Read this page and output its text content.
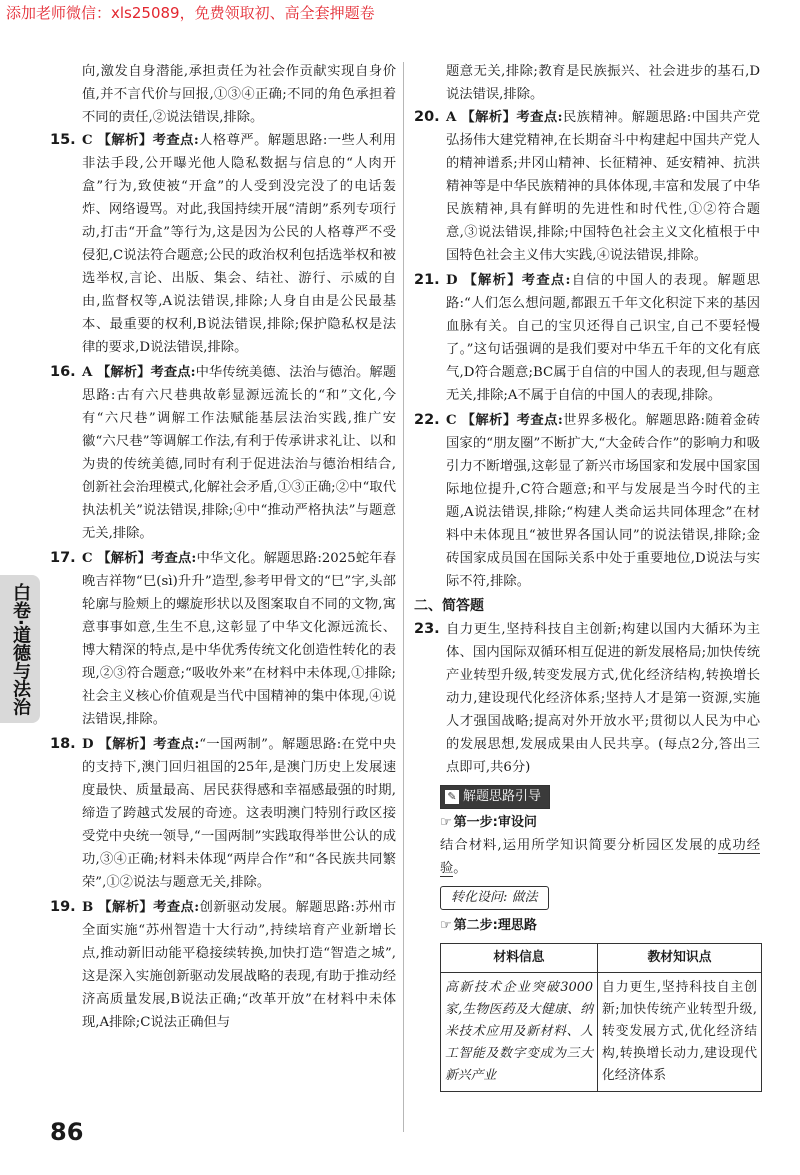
添加老师微信：xls25089，免费领取初、高全套押题卷
白卷·道德与法治
向,激发自身潜能,承担责任为社会作贡献实现自身价值,并不言代价与回报,①③④正确;不同的角色承担着不同的责任,②说法错误,排除。
15. C 【解析】考查点:人格尊严。解题思路:一些人利用非法手段,公开曝光他人隐私数据与信息的“人肉开盒”行为,致使被“开盒”的人受到没完没了的电话轰炸、网络谩骂。对此,我国持续开展“清朗”系列专项行动,打击“开盒”等行为,这是因为公民的人格尊严不受侵犯,C说法符合题意;公民的政治权利包括选举权和被选举权,言论、出版、集会、结社、游行、示威的自由,监督权等,A说法错误,排除;人身自由是公民最基本、最重要的权利,B说法错误,排除;保护隐私权是法律的要求,D说法错误,排除。
16. A 【解析】考查点:中华传统美德、法治与德治。解题思路:古有六尺巷典故彰显源远流长的“和”文化,今有“六尺巷”调解工作法赋能基层法治实践,推广安徽“六尺巷”等调解工作法,有利于传承讲求礼让、以和为贵的传统美德,同时有利于促进法治与德治相结合,创新社会治理模式,化解社会矛盾,①③正确;②中“取代执法机关”说法错误,排除;④中“推动严格执法”与题意无关,排除。
17. C 【解析】考查点:中华文化。解题思路:2025蛇年春晚吉祥物“巳(sì)升升”造型,参考甲骨文的“巳”字,头部轮廓与脸颊上的螺旋形状以及图案取自不同的文物,寓意事事如意,生生不息,这彰显了中华文化源远流长、博大精深的特点,是中华优秀传统文化创造性转化的表现,②③符合题意;“吸收外来”在材料中未体现,①排除;社会主义核心价值观是当代中国精神的集中体现,④说法错误,排除。
18. D 【解析】考查点:“一国两制”。解题思路:在党中央的支持下,澳门回归祖国的25年,是澳门历史上发展速度最快、质量最高、居民获得感和幸福感最强的时期,缔造了跨越式发展的奇迹。这表明澳门特别行政区接受党中央统一领导,“一国两制”实践取得举世公认的成功,③④正确;材料未体现“两岸合作”和“各民族共同繁荣”,①②说法与题意无关,排除。
19. B 【解析】考查点:创新驱动发展。解题思路:苏州市全面实施“苏州智造十大行动”,持续培育产业新增长点,推动新旧动能平稳接续转换,加快打造“智造之城”,这是深入实施创新驱动发展战略的表现,有助于推动经济高质量发展,B说法正确;“改革开放”在材料中未体现,A排除;C说法正确但与
题意无关,排除;教育是民族振兴、社会进步的基石,D说法错误,排除。
20. A 【解析】考查点:民族精神。解题思路:中国共产党弘扬伟大建党精神,在长期奋斗中构建起中国共产党人的精神谱系;井冈山精神、长征精神、延安精神、抗洪精神等是中华民族精神的具体体现,丰富和发展了中华民族精神,具有鲜明的先进性和时代性,①②符合题意,③说法错误,排除;中国特色社会主义文化植根于中国特色社会主义伟大实践,④说法错误,排除。
21. D 【解析】考查点:自信的中国人的表现。解题思路:“人们怎么想问题,都跟五千年文化积淀下来的基因血脉有关。自己的宝贝还得自己识宝,自己不要轻慢了。”这句话强调的是我们要对中华五千年的文化有底气,D符合题意;BC属于自信的中国人的表现,但与题意无关,排除;A不属于自信的中国人的表现,排除。
22. C 【解析】考查点:世界多极化。解题思路:随着金砖国家的“朋友圈”不断扩大,“大金砖合作”的影响力和吸引力不断增强,这彰显了新兴市场国家和发展中国家国际地位提升,C符合题意;和平与发展是当今时代的主题,A说法错误,排除;“构建人类命运共同体理念”在材料中未体现且“被世界各国认同”的说法错误,排除;金砖国家成员国在国际关系中处于重要地位,D说法与实际不符,排除。
二、简答题
23. 自力更生,坚持科技自主创新;构建以国内大循环为主体、国内国际双循环相互促进的新发展格局;加快传统产业转型升级,转变发展方式,优化经济结构,转换增长动力,建设现代化经济体系;坚持人才是第一资源,实施人才强国战略;提高对外开放水平;贯彻以人民为中心的发展思想,发展成果由人民共享。(每点2分,答出三点即可,共6分)
✎ 解题思路引导
☞ 第一步:审设问
结合材料,运用所学知识简要分析园区发展的成功经验。
转化设问: 做法
☞ 第二步:理思路
材料信息	教材知识点
高新技术企业突破3000家,生物医药及大健康、纳米技术应用及新材料、人工智能及数字变成为三大新兴产业	自力更生,坚持科技自主创新;加快传统产业转型升级,转变发展方式,优化经济结构,转换增长动力,建设现代化经济体系
86
